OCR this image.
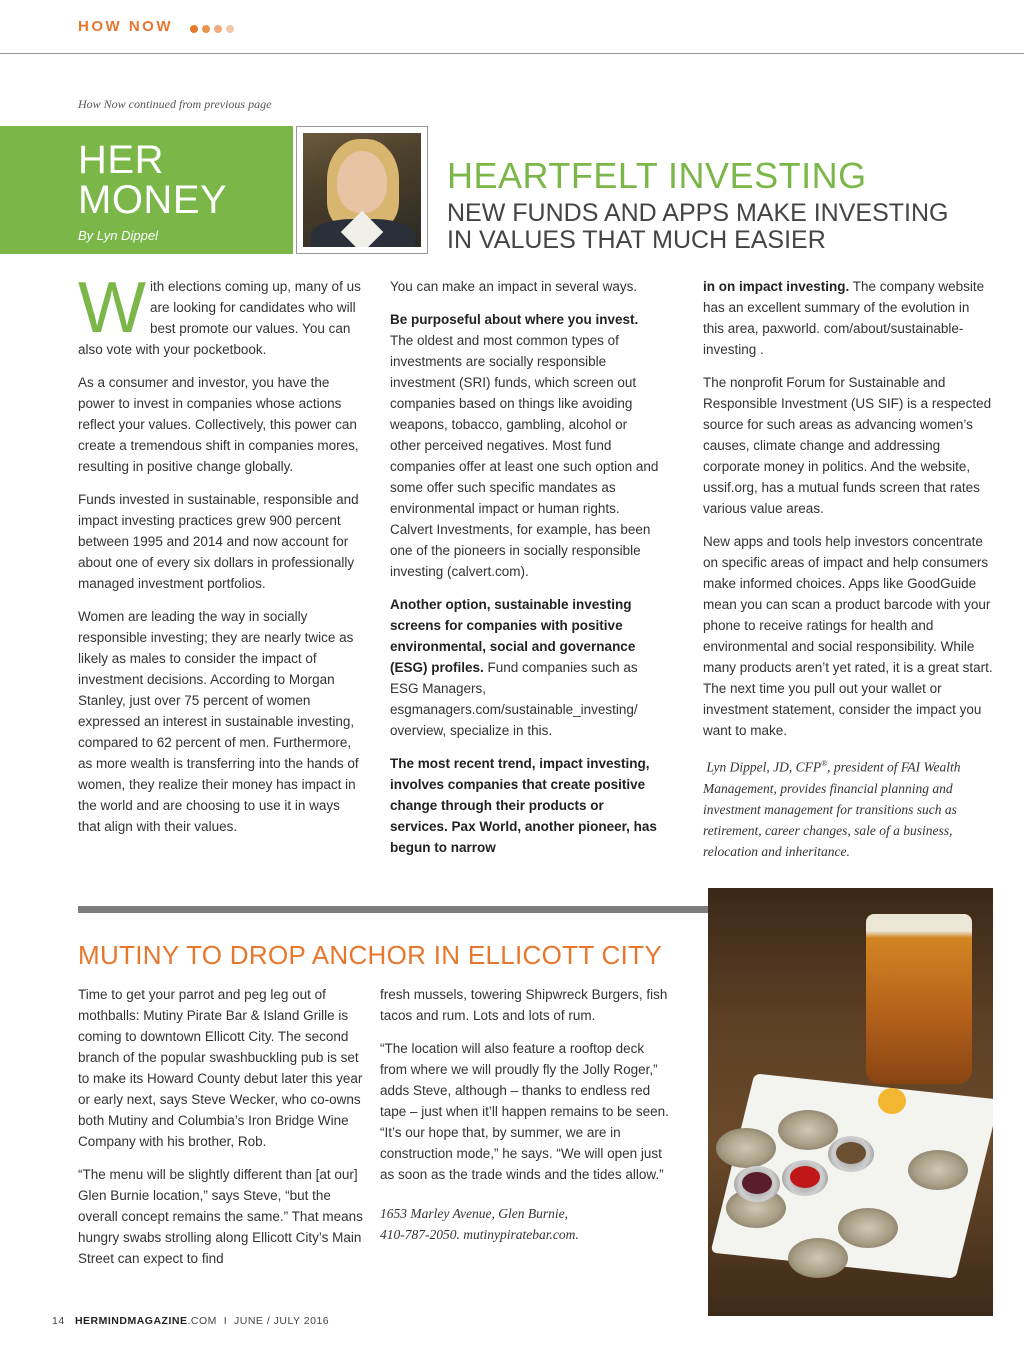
HOW NOW
How Now continued from previous page
HER
MONEY
By Lyn Dippel
HEARTFELT INVESTING
NEW FUNDS AND APPS MAKE INVESTING
IN VALUES THAT MUCH EASIER

With elections coming up, many of us are looking for candidates who will best promote our values. You can also vote with your pocketbook.

As a consumer and investor, you have the power to invest in companies whose actions reflect your values. Collectively, this power can create a tremendous shift in companies mores, resulting in positive change globally.

Funds invested in sustainable, responsible and impact investing practices grew 900 percent between 1995 and 2014 and now account for about one of every six dollars in professionally managed investment portfolios.

Women are leading the way in socially responsible investing; they are nearly twice as likely as males to consider the impact of investment decisions. According to Morgan Stanley, just over 75 percent of women expressed an interest in sustainable investing, compared to 62 percent of men. Furthermore, as more wealth is transferring into the hands of women, they realize their money has impact in the world and are choosing to use it in ways that align with their values.

You can make an impact in several ways.

Be purposeful about where you invest.
The oldest and most common types of investments are socially responsible investment (SRI) funds, which screen out companies based on things like avoiding weapons, tobacco, gambling, alcohol or other perceived negatives. Most fund companies offer at least one such option and some offer such specific mandates as environmental impact or human rights. Calvert Investments, for example, has been one of the pioneers in socially responsible investing (calvert.com).

Another option, sustainable investing screens for companies with positive environmental, social and governance (ESG) profiles. Fund companies such as ESG Managers, esgmanagers.com/sustainable_investing/ overview, specialize in this.

The most recent trend, impact investing, involves companies that create positive change through their products or services. Pax World, another pioneer, has begun to narrow

in on impact investing. The company website has an excellent summary of the evolution in this area, paxworld. com/about/sustainable-investing .

The nonprofit Forum for Sustainable and Responsible Investment (US SIF) is a respected source for such areas as advancing women’s causes, climate change and addressing corporate money in politics. And the website, ussif.org, has a mutual funds screen that rates various value areas.

New apps and tools help investors concentrate on specific areas of impact and help consumers make informed choices. Apps like GoodGuide mean you can scan a product barcode with your phone to receive ratings for health and environmental and social responsibility. While many products aren’t yet rated, it is a great start. The next time you pull out your wallet or investment statement, consider the impact you want to make.

Lyn Dippel, JD, CFP®, president of FAI Wealth Management, provides financial planning and investment management for transitions such as retirement, career changes, sale of a business, relocation and inheritance.

MUTINY TO DROP ANCHOR IN ELLICOTT CITY

Time to get your parrot and peg leg out of mothballs: Mutiny Pirate Bar & Island Grille is coming to downtown Ellicott City. The second branch of the popular swashbuckling pub is set to make its Howard County debut later this year or early next, says Steve Wecker, who co-owns both Mutiny and Columbia’s Iron Bridge Wine Company with his brother, Rob.

“The menu will be slightly different than [at our] Glen Burnie location,” says Steve, “but the overall concept remains the same.” That means hungry swabs strolling along Ellicott City’s Main Street can expect to find

fresh mussels, towering Shipwreck Burgers, fish tacos and rum. Lots and lots of rum.

“The location will also feature a rooftop deck from where we will proudly fly the Jolly Roger,” adds Steve, although – thanks to endless red tape – just when it’ll happen remains to be seen. “It’s our hope that, by summer, we are in construction mode,” he says. “We will open just as soon as the trade winds and the tides allow.”

1653 Marley Avenue, Glen Burnie,
410-787-2050. mutinypiratebar.com.

14 HERMINDMAGAZINE.COM I JUNE / JULY 2016
